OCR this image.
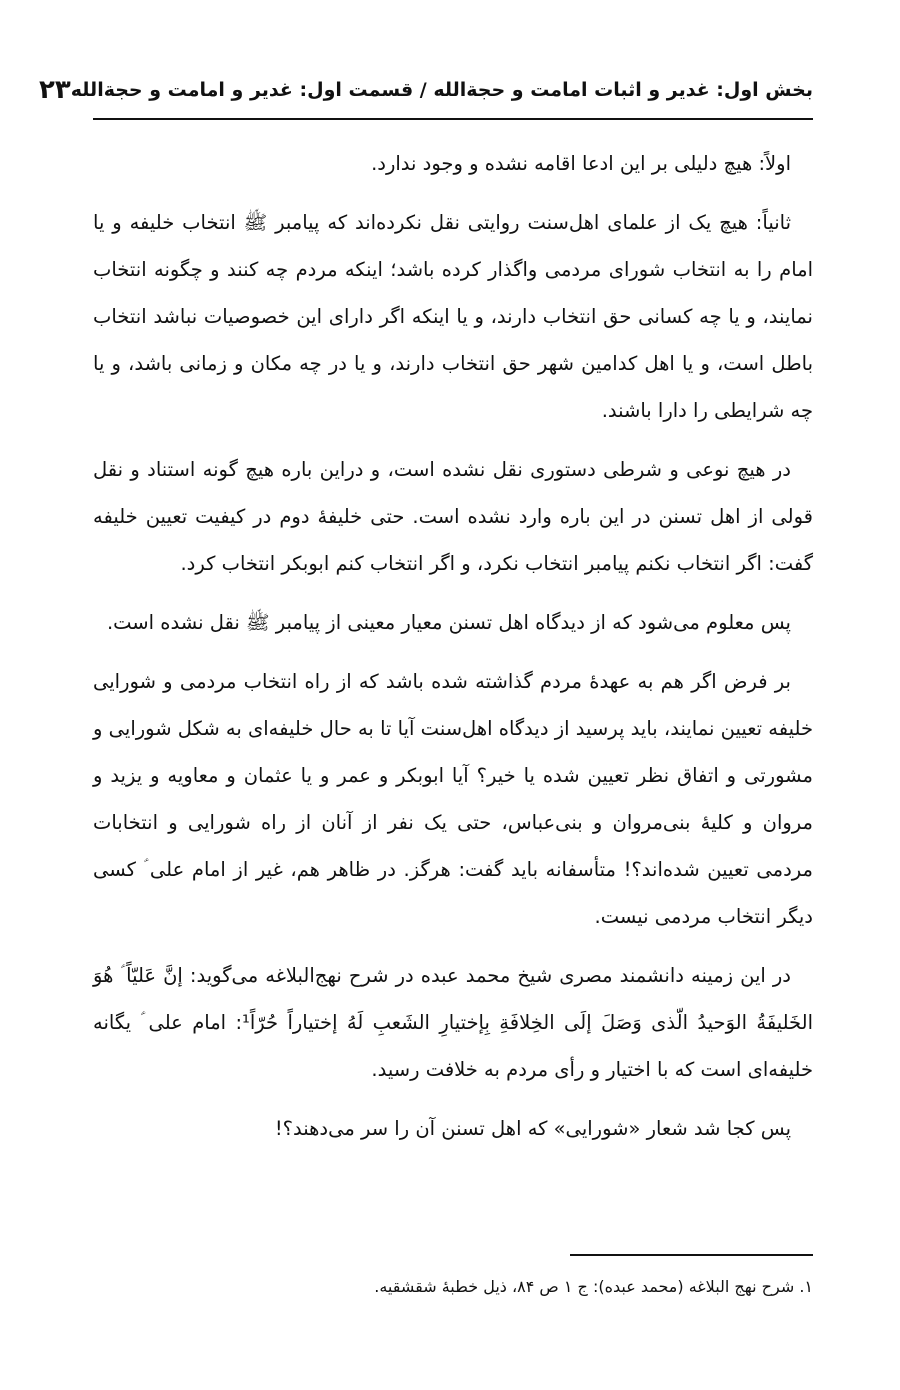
بخش اول: غدیر و اثبات امامت و حجةالله / قسمت اول: غدیر و امامت و حجةالله
۲۳

اولاً: هیچ دلیلی بر این ادعا اقامه نشده و وجود ندارد.

ثانیاً: هیچ یک از علمای اهل‌سنت روایتی نقل نکرده‌اند که پیامبر ﷺ انتخاب خلیفه و یا امام را به انتخاب شورای مردمی واگذار کرده باشد؛ اینکه مردم چه کنند و چگونه انتخاب نمایند، و یا چه کسانی حق انتخاب دارند، و یا اینکه اگر دارای این خصوصیات نباشد انتخاب باطل است، و یا اهل کدامین شهر حق انتخاب دارند، و یا در چه مکان و زمانی باشد، و یا چه شرایطی را دارا باشند.

در هیچ نوعی و شرطی دستوری نقل نشده است، و دراین باره هیچ گونه استناد و نقل قولی از اهل تسنن در این باره وارد نشده است. حتی خلیفهٔ دوم در کیفیت تعیین خلیفه گفت: اگر انتخاب نکنم پیامبر انتخاب نکرد، و اگر انتخاب کنم ابوبکر انتخاب کرد.

پس معلوم می‌شود که از دیدگاه اهل تسنن معیار معینی از پیامبر ﷺ نقل نشده است.

بر فرض اگر هم به عهدهٔ مردم گذاشته شده باشد که از راه انتخاب مردمی و شورایی خلیفه تعیین نمایند، باید پرسید از دیدگاه اهل‌سنت آیا تا به حال خلیفه‌ای به شکل شورایی و مشورتی و اتفاق نظر تعیین شده یا خیر؟ آیا ابوبکر و عمر و یا عثمان و معاویه و یزید و مروان و کلیهٔ بنی‌مروان و بنی‌عباس، حتی یک نفر از آنان از راه شورایی و انتخابات مردمی تعیین شده‌اند؟! متأسفانه باید گفت: هرگز. در ظاهر هم، غیر از امام علی ؑ کسی دیگر انتخاب مردمی نیست.

در این زمینه دانشمند مصری شیخ محمد عبده در شرح نهج‌البلاغه می‌گوید: إنَّ عَلیّاً ؑ هُوَ الخَلیفَةُ الوَحیدُ الّذی وَصَلَ إلَی الخِلافَةِ بِإختیارِ الشَعبِ لَهُ إختیاراً حُرّاً¹: امام علی ؑ یگانه خلیفه‌ای است که با اختیار و رأی مردم به خلافت رسید.

پس کجا شد شعار «شورایی» که اهل تسنن آن را سر می‌دهند؟!

۱. شرح نهج البلاغه (محمد عبده): ج ۱ ص ۸۴، ذیل خطبهٔ شقشقیه.
